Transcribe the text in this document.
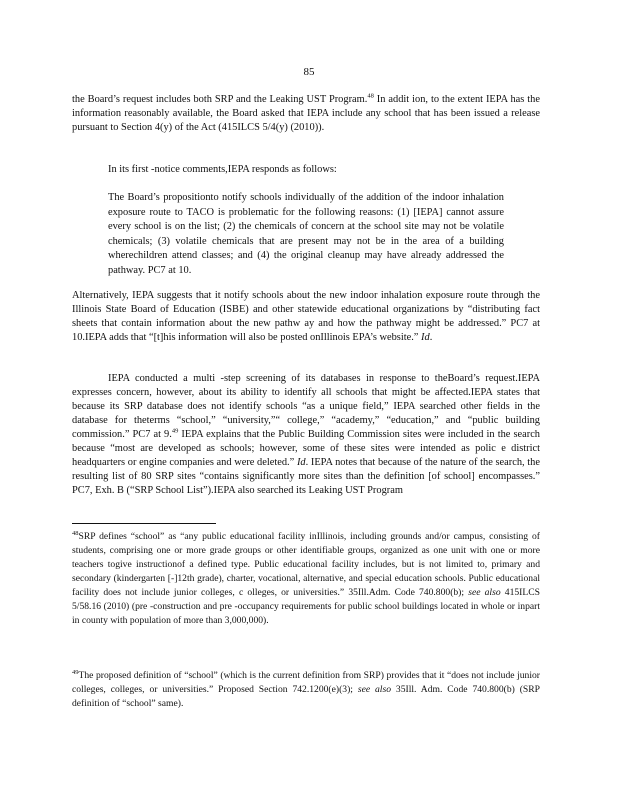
85

the Board’s request includes both SRP and the Leaking UST Program.$^{48}$ In addit ion, to the extent IEPA has the information reasonably available, the Board asked that IEPA include any school that has been issued a release pursuant to Section 4(y) of the Act (415ILCS 5/4(y) (2010)).

In its first -notice comments,IEPA responds as follows:

The Board’s propositionto notify schools individually of the addition of the indoor inhalation exposure route to TACO is problematic for the following reasons: (1) [IEPA] cannot assure every school is on the list; (2) the chemicals of concern at the school site may not be volatile chemicals; (3) volatile chemicals that are present may not be in the area of a building wherechildren attend classes; and (4) the original cleanup may have already addressed the pathway. PC7 at 10.

Alternatively, IEPA suggests that it notify schools about the new indoor inhalation exposure route through the Illinois State Board of Education (ISBE) and other statewide educational organizations by “distributing fact sheets that contain information about the new pathw ay and how the pathway might be addressed.” PC7 at 10.IEPA adds that “[t]his information will also be posted onIllinois EPA’s website.” Id.

IEPA conducted a multi -step screening of its databases in response to theBoard’s request.IEPA expresses concern, however, about its ability to identify all schools that might be affected.IEPA states that because its SRP database does not identify schools “as a unique field,” IEPA searched other fields in the database for theterms “school,” “university,”“ college,” “academy,” “education,” and “public building commission.” PC7 at 9.49 IEPA explains that the Public Building Commission sites were included in the search because “most are developed as schools; however, some of these sites were intended as polic e district headquarters or engine companies and were deleted.” Id. IEPA notes that because of the nature of the search, the resulting list of 80 SRP sites “contains significantly more sites than the definition [of school] encompasses.” PC7, Exh. B (“SRP School List”).IEPA also searched its Leaking UST Program

$^{48}$SRP defines “school” as “any public educational facility inIllinois, including grounds and/or campus, consisting of students, comprising one or more grade groups or other identifiable groups, organized as one unit with one or more teachers togive instructionof a defined type. Public educational facility includes, but is not limited to, primary and secondary (kindergarten [-]12th grade), charter, vocational, alternative, and special education schools. Public educational facility does not include junior colleges, c olleges, or universities.” 35Ill.Adm. Code 740.800(b); see also 415ILCS 5/58.16 (2010) (pre -construction and pre -occupancy requirements for public school buildings located in whole or inpart in county with population of more than 3,000,000).

$^{49}$The proposed definition of “school” (which is the current definition from SRP) provides that it “does not include junior colleges, colleges, or universities.” Proposed Section 742.1200(e)(3); see also 35Ill. Adm. Code 740.800(b) (SRP definition of “school” same).
